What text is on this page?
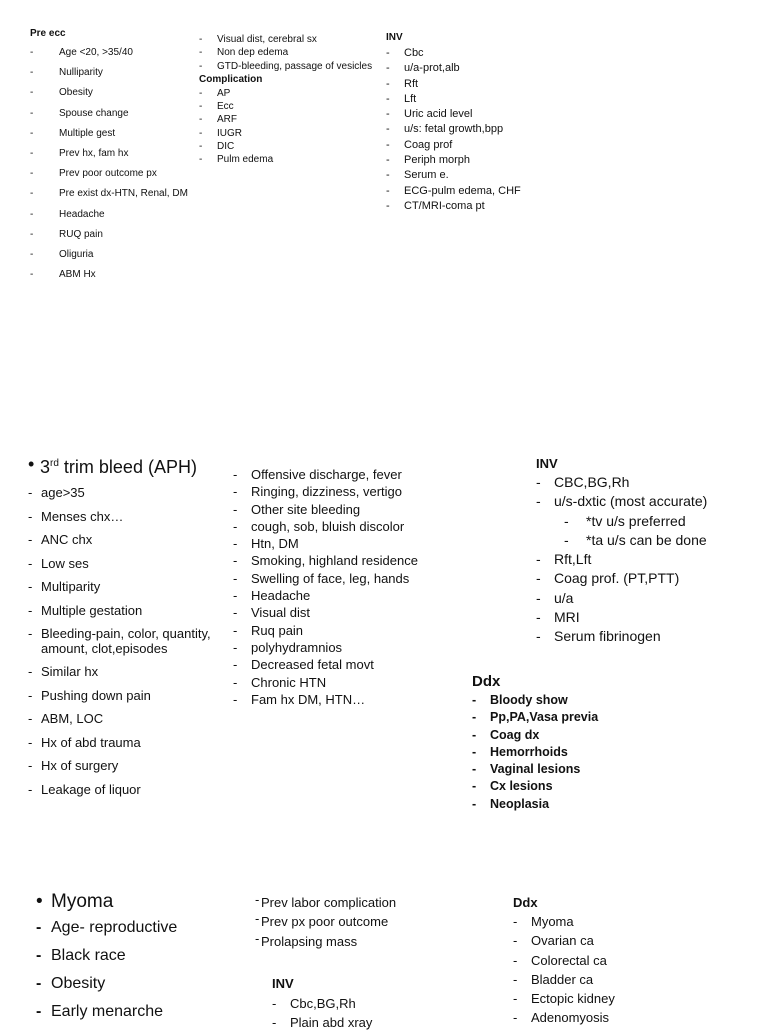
Pre ecc
- Age <20, >35/40
- Nulliparity
- Obesity
- Spouse change
- Multiple gest
- Prev hx, fam hx
- Prev poor outcome px
- Pre exist dx-HTN, Renal, DM
- Headache
- RUQ pain
- Oliguria
- ABM Hx
- Visual dist, cerebral sx
- Non dep edema
- GTD-bleeding, passage of vesicles
Complication
- AP
- Ecc
- ARF
- IUGR
- DIC
- Pulm edema
INV
- Cbc
- u/a-prot,alb
- Rft
- Lft
- Uric acid level
- u/s: fetal growth,bpp
- Coag prof
- Periph morph
- Serum e.
- ECG-pulm edema, CHF
- CT/MRI-coma pt
• 3rd trim bleed (APH)
- age>35
- Menses chx…
- ANC chx
- Low ses
- Multiparity
- Multiple gestation
- Bleeding-pain, color, quantity, amount, clot,episodes
- Similar hx
- Pushing down pain
- ABM, LOC
- Hx of abd trauma
- Hx of surgery
- Leakage of liquor
- Offensive discharge, fever
- Ringing, dizziness, vertigo
- Other site bleeding
- cough, sob, bluish discolor
- Htn, DM
- Smoking, highland residence
- Swelling of face, leg, hands
- Headache
- Visual dist
- Ruq pain
- polyhydramnios
- Decreased fetal movt
- Chronic HTN
- Fam hx DM, HTN…
INV
- CBC,BG,Rh
- u/s-dxtic (most accurate)
- *tv u/s preferred
- *ta u/s can be done
- Rft,Lft
- Coag prof. (PT,PTT)
- u/a
- MRI
- Serum fibrinogen
Ddx
- Bloody show
- Pp,PA,Vasa previa
- Coag dx
- Hemorrhoids
- Vaginal lesions
- Cx lesions
- Neoplasia
• Myoma
- Age- reproductive
- Black race
- Obesity
- Early menarche
- Prev labor complication
- Prev px poor outcome
- Prolapsing mass
INV
- Cbc,BG,Rh
- Plain abd xray
Ddx
- Myoma
- Ovarian ca
- Colorectal ca
- Bladder ca
- Ectopic kidney
- Adenomyosis
